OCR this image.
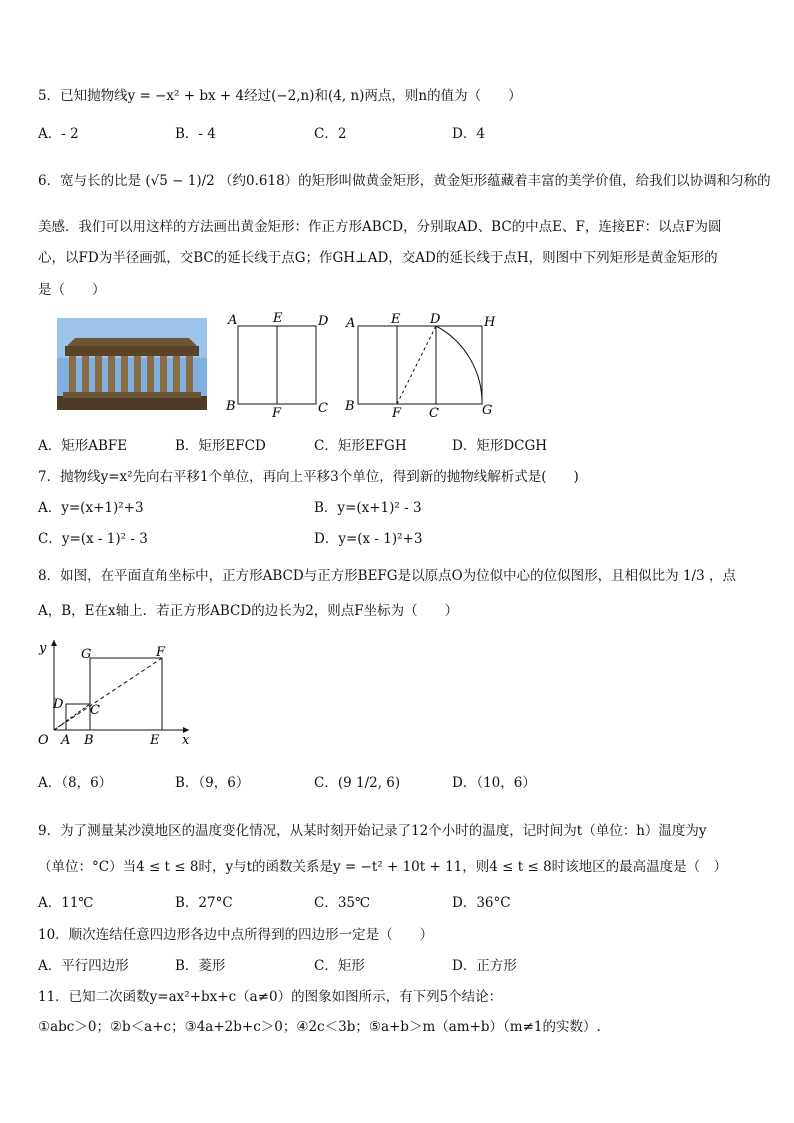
5．已知抛物线y = −x² + bx + 4经过(−2,n)和(4, n)两点，则n的值为（　　）
A．- 2	B．- 4	C．2	D．4
6．宽与长的比是 (√5 − 1)/2 （约0.618）的矩形叫做黄金矩形，黄金矩形蕴藏着丰富的美学价值，给我们以协调和匀称的
美感．我们可以用这样的方法画出黄金矩形：作正方形ABCD，分别取AD、BC的中点E、F，连接EF：以点F为圆
心，以FD为半径画弧，交BC的延长线于点G；作GH⊥AD，交AD的延长线于点H，则图中下列矩形是黄金矩形的
是（　　）
A	E	D
B	F	C
A	E D	H
B	F C	G
A．矩形ABFE	B．矩形EFCD	C．矩形EFGH	D．矩形DCGH
7．抛物线y=x²先向右平移1个单位，再向上平移3个单位，得到新的抛物线解析式是(　　)
A．y=(x+1)²+3	B．y=(x+1)² - 3
C．y=(x - 1)² - 3	D．y=(x - 1)²+3
8．如图，在平面直角坐标中，正方形ABCD与正方形BEFG是以原点O为位似中心的位似图形，且相似比为 1/3 ，点
A，B，E在x轴上．若正方形ABCD的边长为2，则点F坐标为（　　）
y
x
O A B	E
D C
G	F
A．（8，6）	B．（9，6）	C．(9 1/2, 6)	D．（10，6）
9．为了测量某沙漠地区的温度变化情况，从某时刻开始记录了12个小时的温度，记时间为t（单位：h）温度为y
（单位：°C）当4 ≤ t ≤ 8时，y与t的函数关系是y = −t² + 10t + 11，则4 ≤ t ≤ 8时该地区的最高温度是（　）
A．11℃	B．27°C	C．35℃	D．36°C
10．顺次连结任意四边形各边中点所得到的四边形一定是（　　）
A．平行四边形	B．菱形	C．矩形	D．正方形
11．已知二次函数y=ax²+bx+c（a≠0）的图象如图所示，有下列5个结论：
①abc＞0；②b＜a+c；③4a+2b+c＞0；④2c＜3b；⑤a+b＞m（am+b）（m≠1的实数）.
